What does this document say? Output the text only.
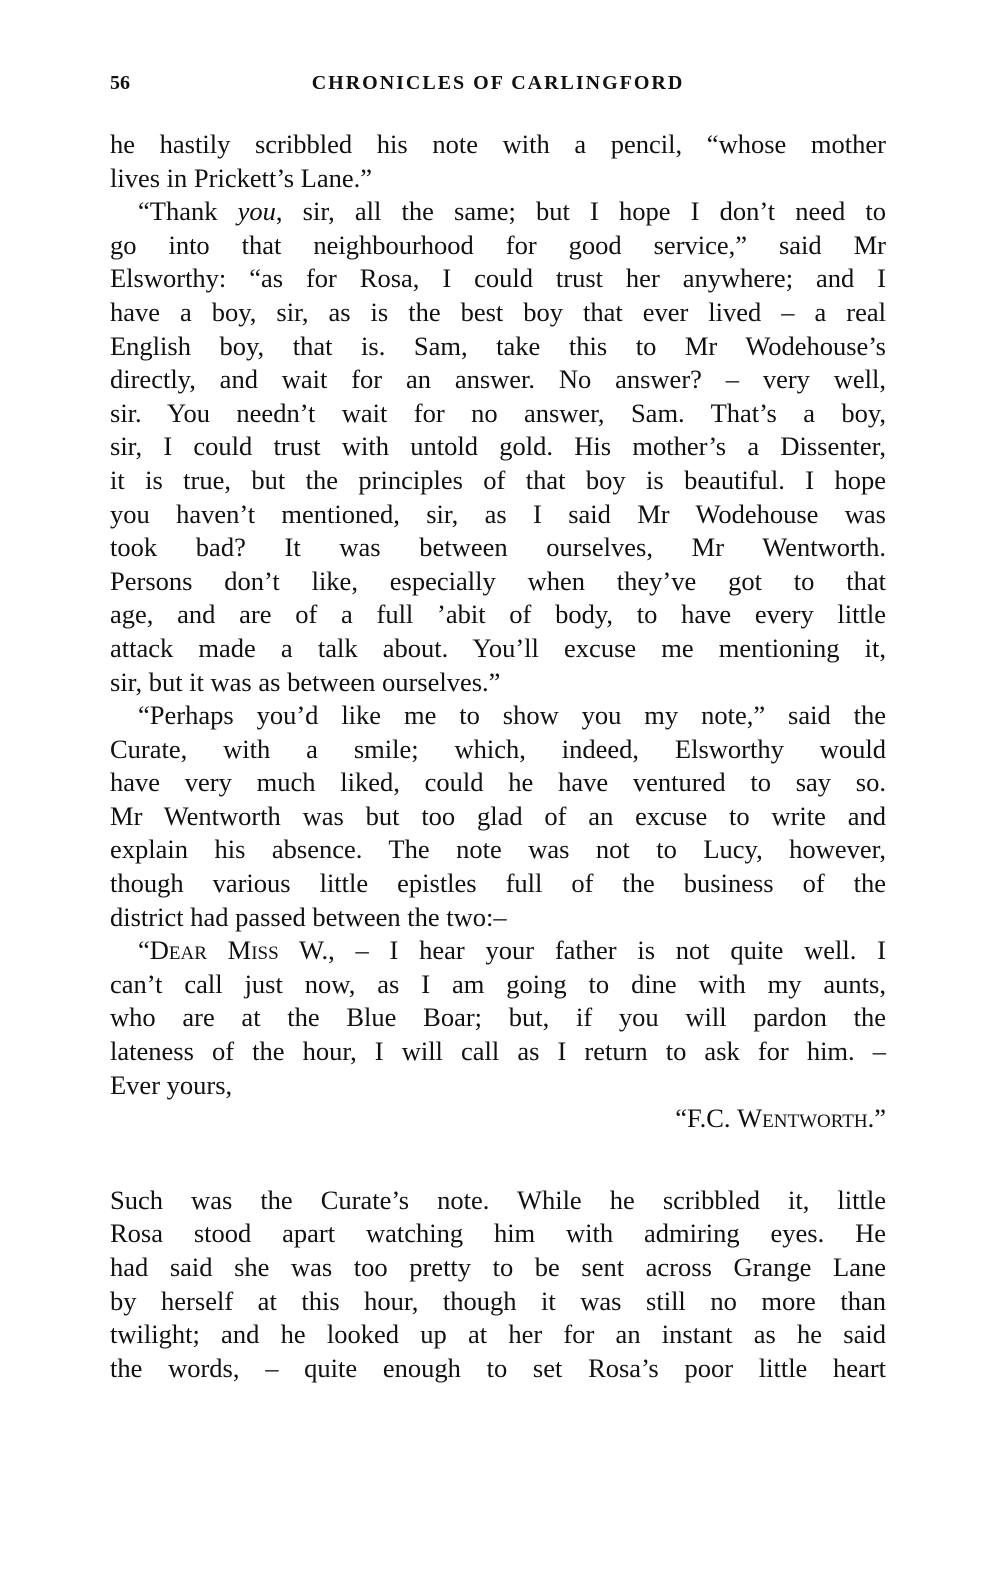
56	CHRONICLES OF CARLINGFORD
he hastily scribbled his note with a pencil, “whose mother
lives in Prickett’s Lane.”
“Thank you, sir, all the same; but I hope I don’t need to
go into that neighbourhood for good service,” said Mr
Elsworthy: “as for Rosa, I could trust her anywhere; and I
have a boy, sir, as is the best boy that ever lived – a real
English boy, that is. Sam, take this to Mr Wodehouse’s
directly, and wait for an answer. No answer? – very well,
sir. You needn’t wait for no answer, Sam. That’s a boy,
sir, I could trust with untold gold. His mother’s a Dissenter,
it is true, but the principles of that boy is beautiful. I hope
you haven’t mentioned, sir, as I said Mr Wodehouse was
took bad? It was between ourselves, Mr Wentworth.
Persons don’t like, especially when they’ve got to that
age, and are of a full ’abit of body, to have every little
attack made a talk about. You’ll excuse me mentioning it,
sir, but it was as between ourselves.”
“Perhaps you’d like me to show you my note,” said the
Curate, with a smile; which, indeed, Elsworthy would
have very much liked, could he have ventured to say so.
Mr Wentworth was but too glad of an excuse to write and
explain his absence. The note was not to Lucy, however,
though various little epistles full of the business of the
district had passed between the two:–
“Dear Miss W., – I hear your father is not quite well. I
can’t call just now, as I am going to dine with my aunts,
who are at the Blue Boar; but, if you will pardon the
lateness of the hour, I will call as I return to ask for him. –
Ever yours,
“F.C. Wentworth.”
Such was the Curate’s note. While he scribbled it, little
Rosa stood apart watching him with admiring eyes. He
had said she was too pretty to be sent across Grange Lane
by herself at this hour, though it was still no more than
twilight; and he looked up at her for an instant as he said
the words, – quite enough to set Rosa’s poor little heart
